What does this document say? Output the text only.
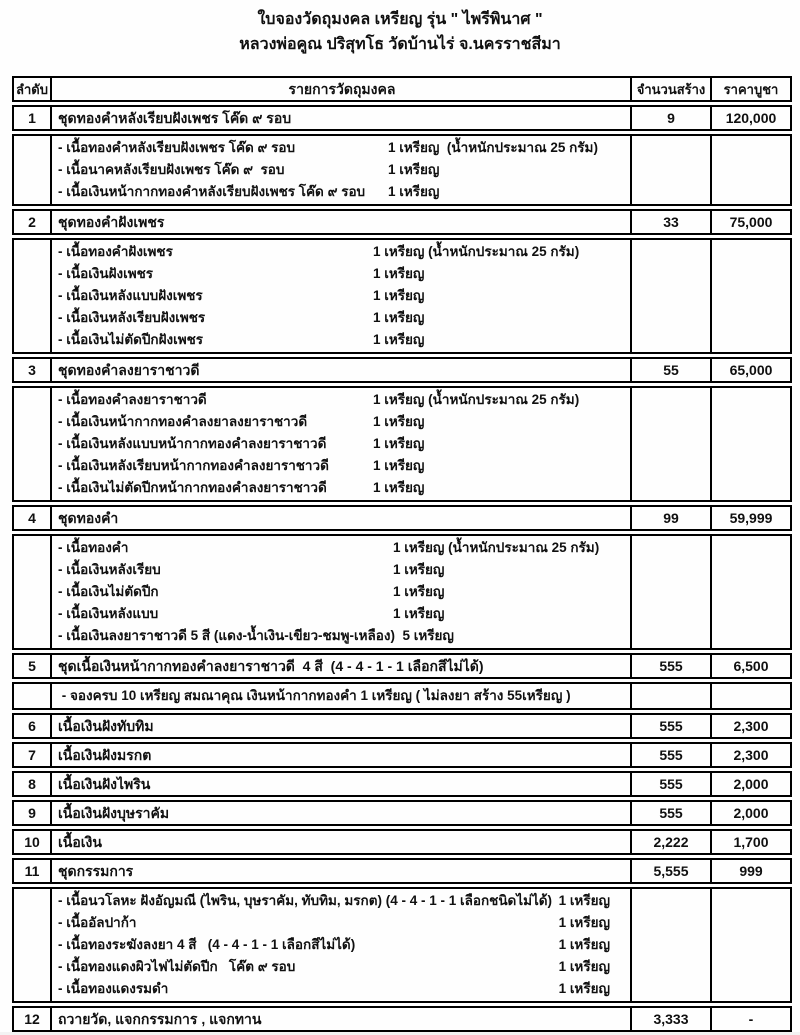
ใบจองวัดถุมงคล เหรียญ รุ่น " ไพรีพินาศ "
หลวงพ่อคูณ ปริสุทโธ วัดบ้านไร่ จ.นครราชสีมา
ลำดับ	รายการวัดถุมงคล	จำนวนสร้าง	ราคาบูชา
1	ชุดทองคำหลังเรียบฝังเพชร โค๊ด ๙ รอบ	9	120,000
- เนื้อทองคำหลังเรียบฝังเพชร โค๊ด ๙ รอบ	1 เหรียญ  (น้ำหนักประมาณ 25 กรัม)
- เนื้อนาคหลังเรียบฝังเพชร โค๊ด ๙  รอบ	1 เหรียญ
- เนื้อเงินหน้ากากทองคำหลังเรียบฝังเพชร โค๊ด ๙ รอบ	1 เหรียญ
2	ชุดทองคำฝังเพชร	33	75,000
- เนื้อทองคำฝังเพชร	1 เหรียญ (น้ำหนักประมาณ 25 กรัม)
- เนื้อเงินฝังเพชร	1 เหรียญ
- เนื้อเงินหลังแบบฝังเพชร	1 เหรียญ
- เนื้อเงินหลังเรียบฝังเพชร	1 เหรียญ
- เนื้อเงินไม่ตัดปีกฝังเพชร	1 เหรียญ
3	ชุดทองคำลงยาราชาวดี	55	65,000
- เนื้อทองคำลงยาราชาวดี	1 เหรียญ (น้ำหนักประมาณ 25 กรัม)
- เนื้อเงินหน้ากากทองคำลงยาลงยาราชาวดี	1 เหรียญ
- เนื้อเงินหลังแบบหน้ากากทองคำลงยาราชาวดี	1 เหรียญ
- เนื้อเงินหลังเรียบหน้ากากทองคำลงยาราชาวดี	1 เหรียญ
- เนื้อเงินไม่ตัดปีกหน้ากากทองคำลงยาราชาวดี	1 เหรียญ
4	ชุดทองคำ	99	59,999
- เนื้อทองคำ	1 เหรียญ (น้ำหนักประมาณ 25 กรัม)
- เนื้อเงินหลังเรียบ	1 เหรียญ
- เนื้อเงินไม่ตัดปีก	1 เหรียญ
- เนื้อเงินหลังแบบ	1 เหรียญ
- เนื้อเงินลงยาราชาวดี 5 สี (แดง-น้ำเงิน-เขียว-ชมพู-เหลือง) 5 เหรียญ
5	ชุดเนื้อเงินหน้ากากทองคำลงยาราชาวดี  4 สี  (4 - 4 - 1 - 1 เลือกสีไม่ได้)	555	6,500
- จองครบ 10 เหรียญ สมณาคุณ เงินหน้ากากทองคำ 1 เหรียญ ( ไม่ลงยา สร้าง 55เหรียญ )
6	เนื้อเงินฝังทับทิม	555	2,300
7	เนื้อเงินฝังมรกต	555	2,300
8	เนื้อเงินฝังไพริน	555	2,000
9	เนื้อเงินฝังบุษราคัม	555	2,000
10	เนื้อเงิน	2,222	1,700
11	ชุดกรรมการ	5,555	999
- เนื้อนวโลหะ ฝังอัญมณี (ไพริน, บุษราคัม, ทับทิม, มรกต) (4 - 4 - 1 - 1 เลือกชนิดไม่ได้) 1 เหรียญ
- เนื้ออัลปาก้า	1 เหรียญ
- เนื้อทองระฆังลงยา 4 สี   (4 - 4 - 1 - 1 เลือกสีไม่ได้)	1 เหรียญ
- เนื้อทองแดงผิวไฟไม่ตัดปีก   โค๊ต ๙ รอบ	1 เหรียญ
- เนื้อทองแดงรมดำ	1 เหรียญ
12	ถวายวัด, แจกกรรมการ , แจกทาน	3,333	-
